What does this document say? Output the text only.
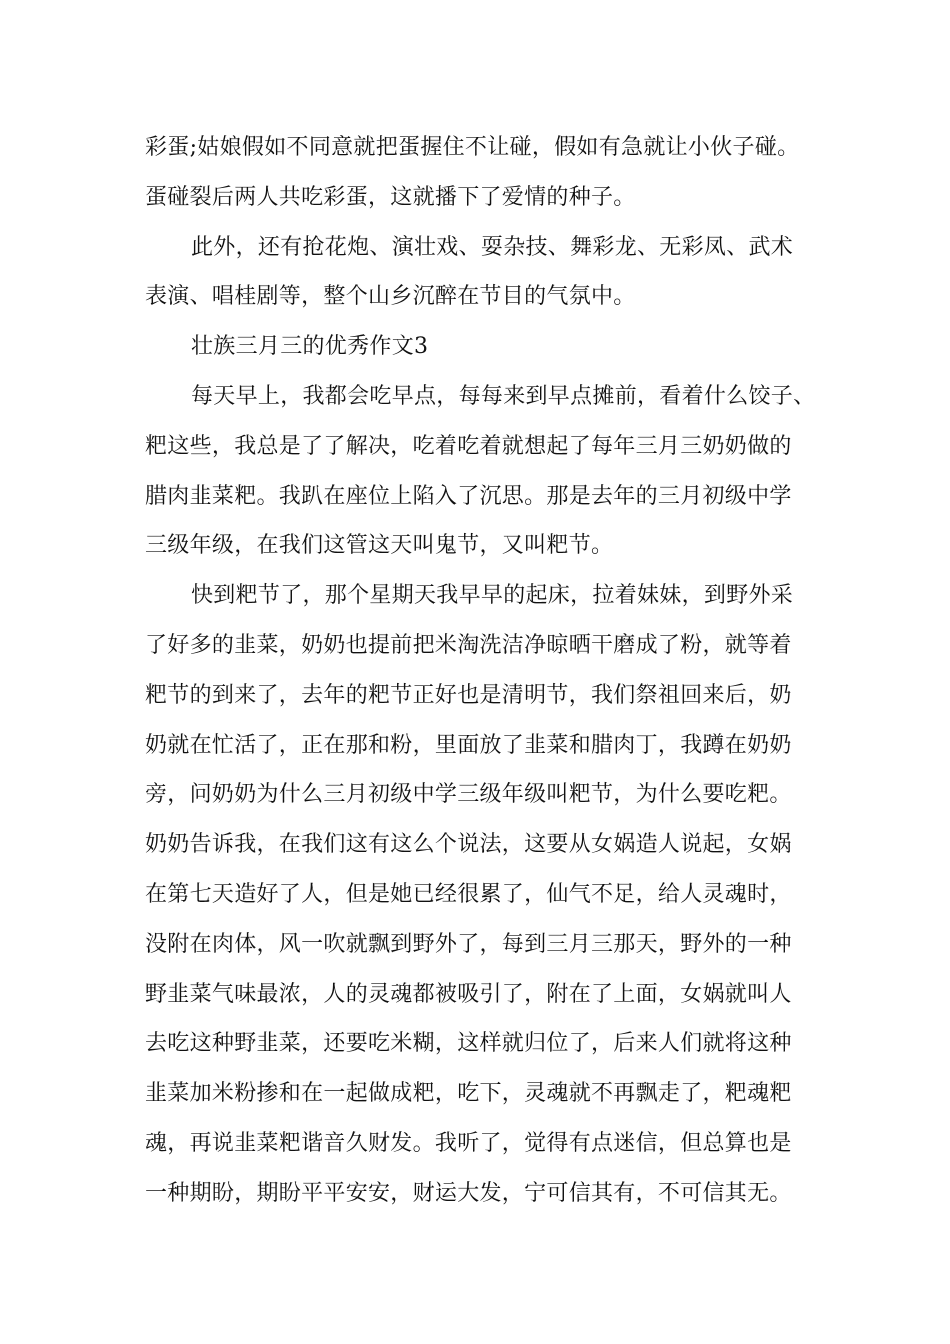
彩蛋;姑娘假如不同意就把蛋握住不让碰，假如有急就让小伙子碰。
蛋碰裂后两人共吃彩蛋，这就播下了爱情的种子。
此外，还有抢花炮、演壮戏、耍杂技、舞彩龙、无彩凤、武术
表演、唱桂剧等，整个山乡沉醉在节目的气氛中。
壮族三月三的优秀作文3
每天早上，我都会吃早点，每每来到早点摊前，看着什么饺子、
粑这些，我总是了了解决，吃着吃着就想起了每年三月三奶奶做的
腊肉韭菜粑。我趴在座位上陷入了沉思。那是去年的三月初级中学
三级年级，在我们这管这天叫鬼节，又叫粑节。
快到粑节了，那个星期天我早早的起床，拉着妹妹，到野外采
了好多的韭菜，奶奶也提前把米淘洗洁净晾晒干磨成了粉，就等着
粑节的到来了，去年的粑节正好也是清明节，我们祭祖回来后，奶
奶就在忙活了，正在那和粉，里面放了韭菜和腊肉丁，我蹲在奶奶
旁，问奶奶为什么三月初级中学三级年级叫粑节，为什么要吃粑。
奶奶告诉我，在我们这有这么个说法，这要从女娲造人说起，女娲
在第七天造好了人，但是她已经很累了，仙气不足，给人灵魂时，
没附在肉体，风一吹就飘到野外了，每到三月三那天，野外的一种
野韭菜气味最浓，人的灵魂都被吸引了，附在了上面，女娲就叫人
去吃这种野韭菜，还要吃米糊，这样就归位了，后来人们就将这种
韭菜加米粉掺和在一起做成粑，吃下，灵魂就不再飘走了，粑魂粑
魂，再说韭菜粑谐音久财发。我听了，觉得有点迷信，但总算也是
一种期盼，期盼平平安安，财运大发，宁可信其有，不可信其无。
